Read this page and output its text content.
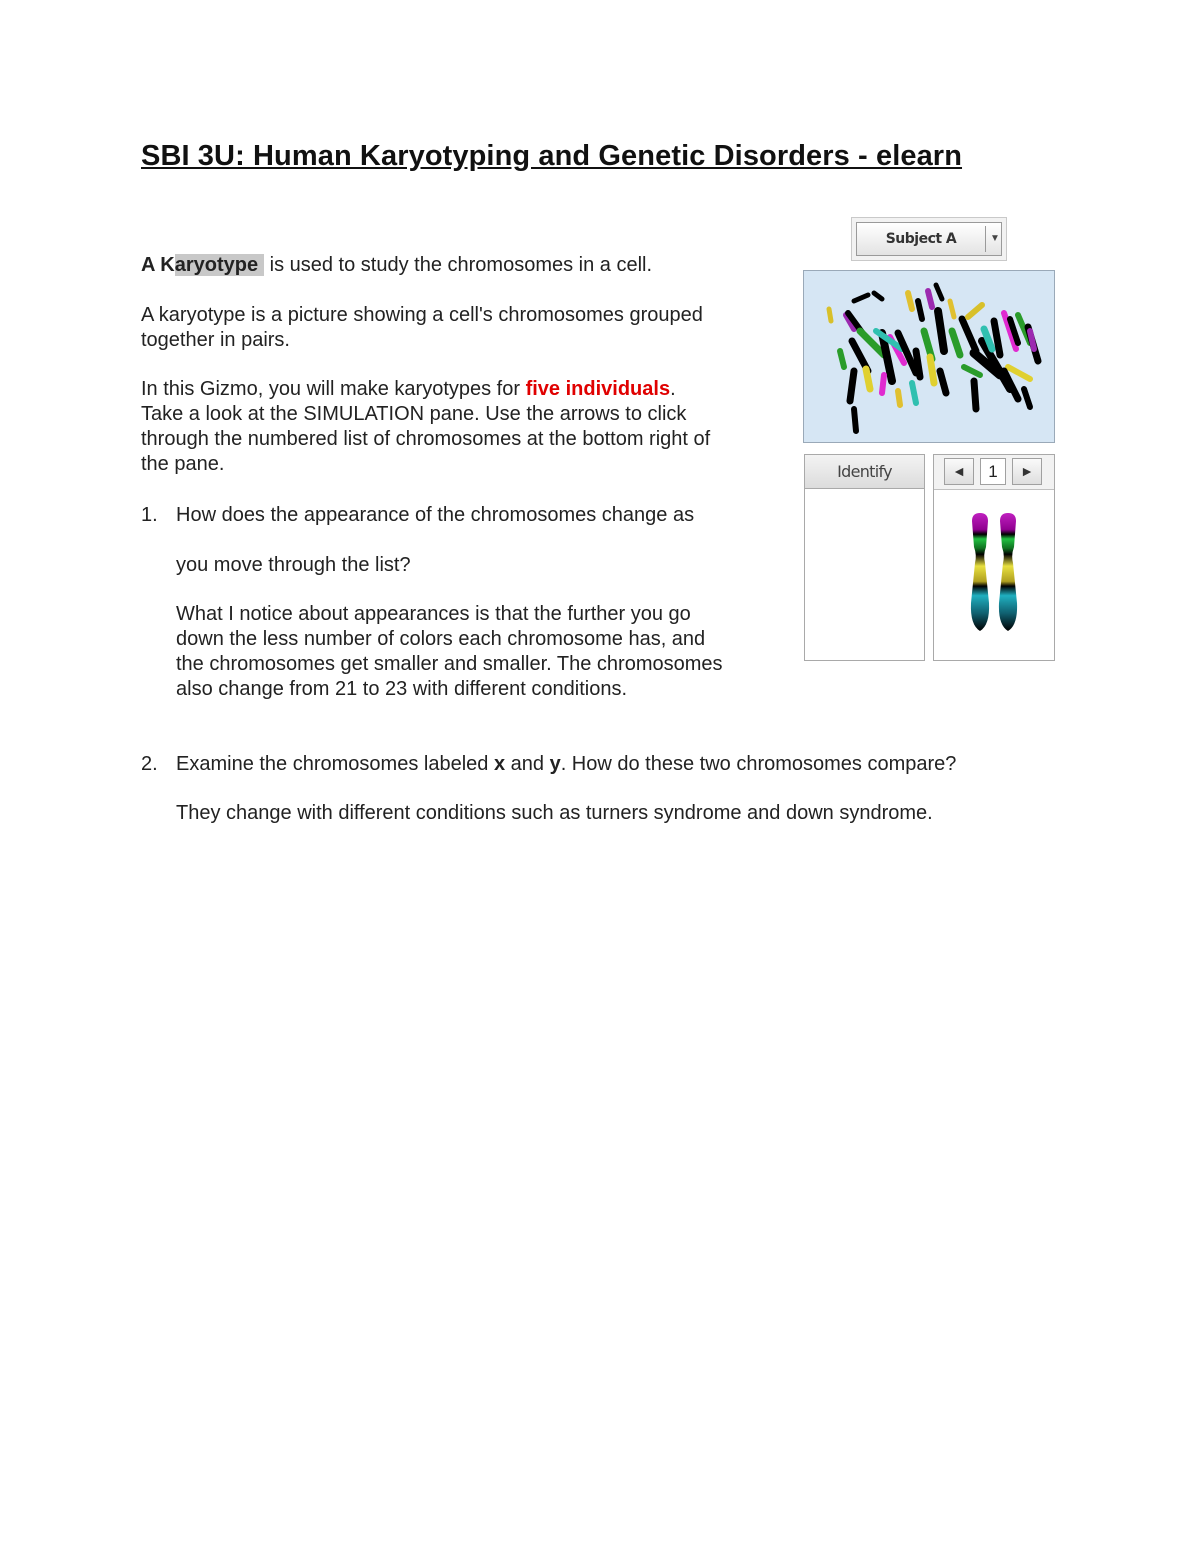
SBI 3U: Human Karyotyping and Genetic Disorders - elearn

A Karyotype is used to study the chromosomes in a cell.

A karyotype is a picture showing a cell's chromosomes grouped
together in pairs.

In this Gizmo, you will make karyotypes for five individuals.
Take a look at the SIMULATION pane. Use the arrows to click
through the numbered list of chromosomes at the bottom right of
the pane.

1. How does the appearance of the chromosomes change as

you move through the list?

What I notice about appearances is that the further you go
down the less number of colors each chromosome has, and
the chromosomes get smaller and smaller. The chromosomes
also change from 21 to 23 with different conditions.

2. Examine the chromosomes labeled x and y. How do these two chromosomes compare?

They change with different conditions such as turners syndrome and down syndrome.

Subject A	▼
Identify	◄	1	►
